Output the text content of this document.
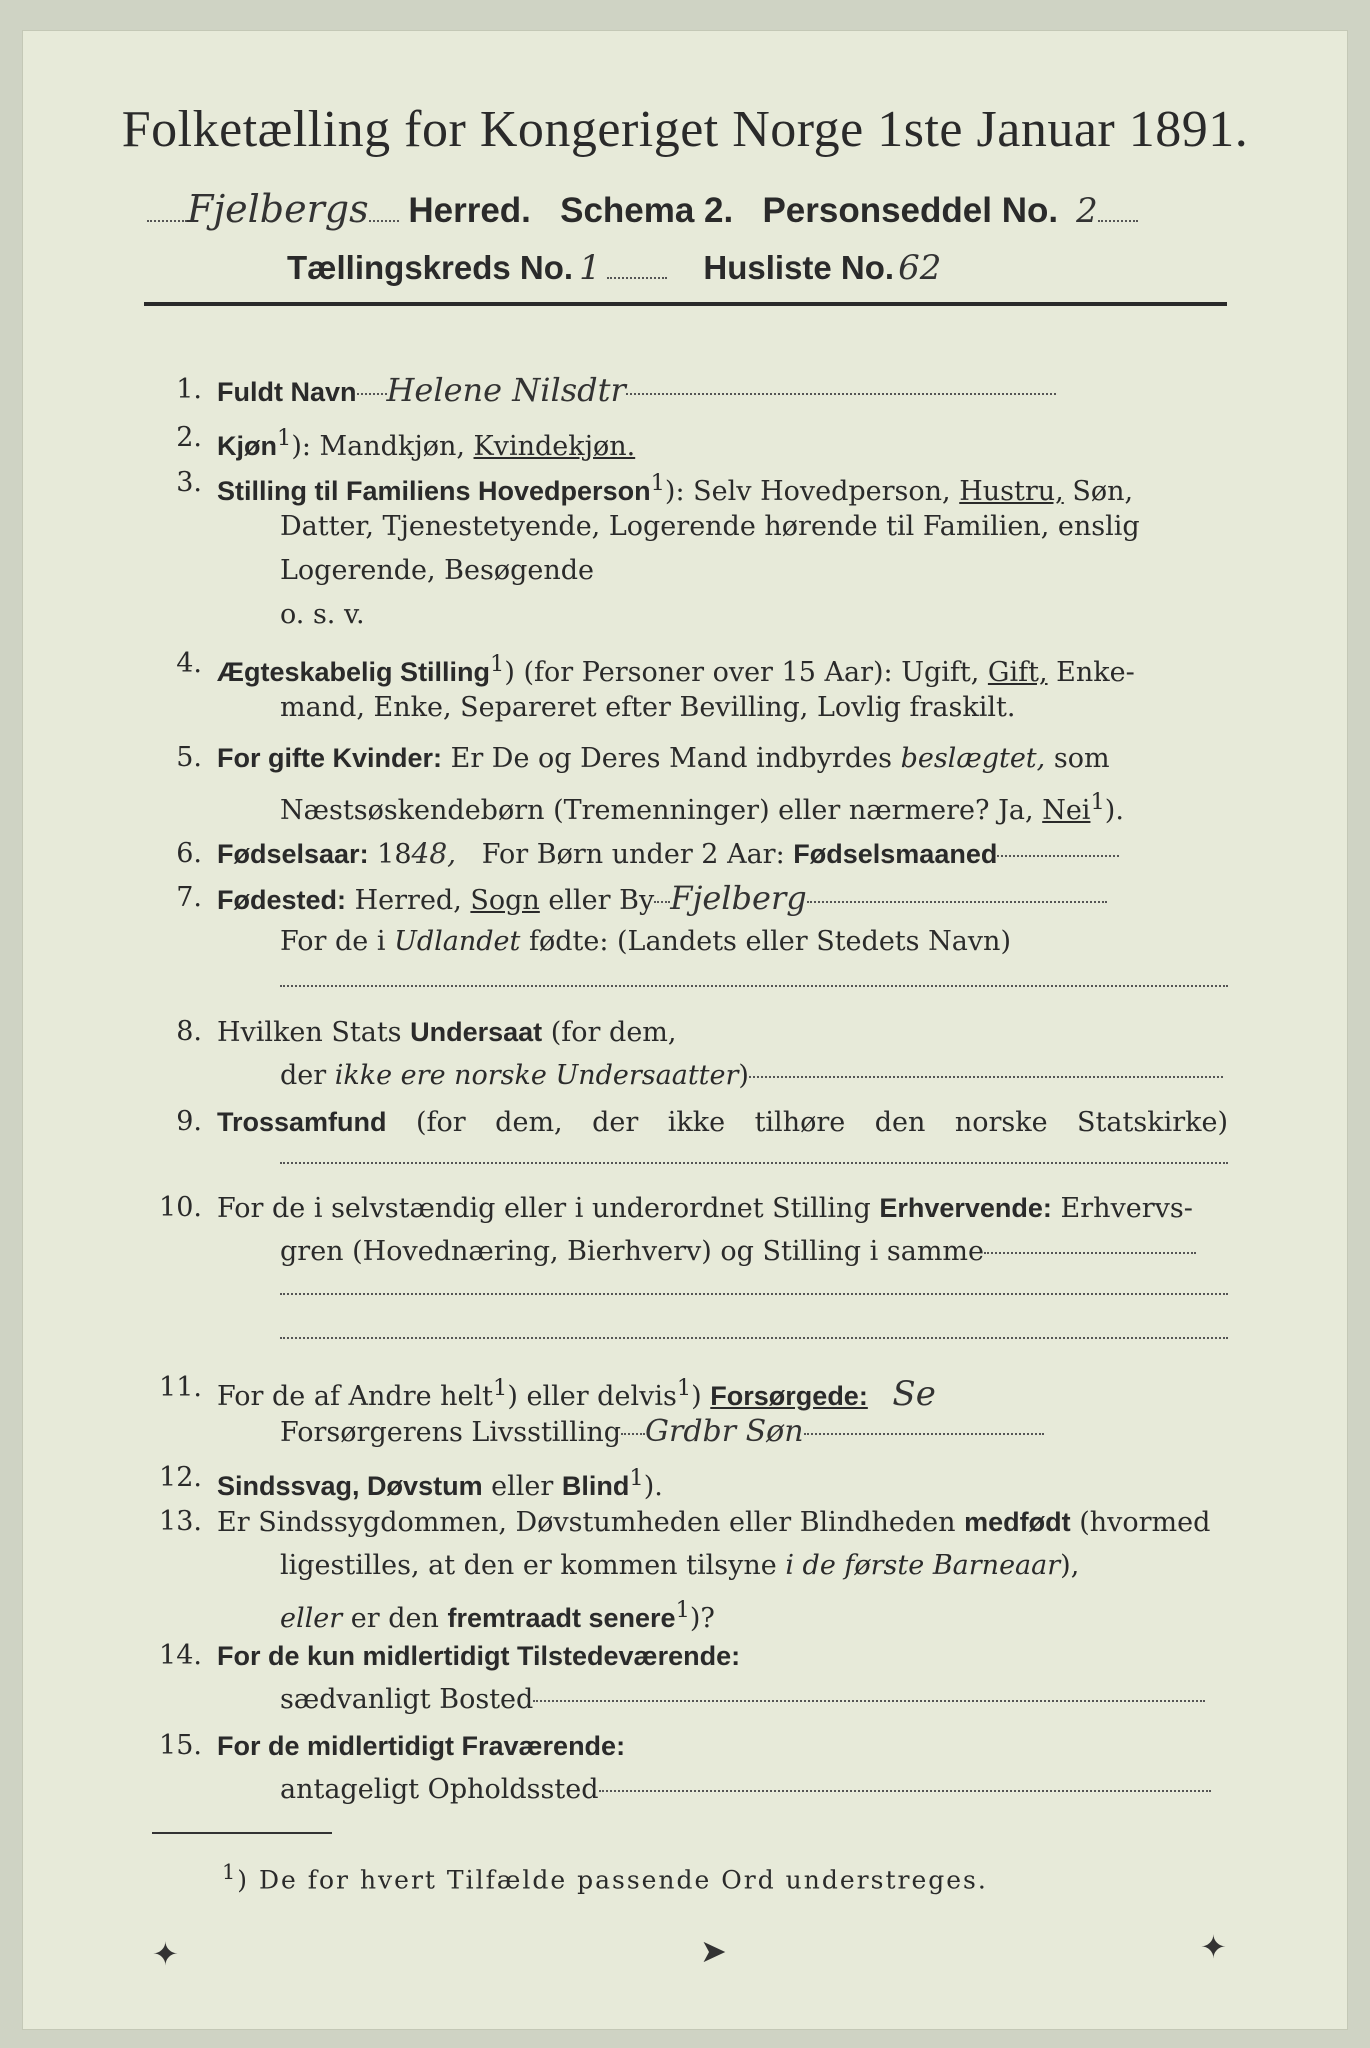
Folketælling for Kongeriget Norge 1ste Januar 1891.
Fjelbergs Herred. Schema 2. Personseddel No. 2
Tællingskreds No. 1	Husliste No. 62
1. Fuldt Navn Helene Nilsdtr
2. Kjøn$^1$): Mandkjøn, Kvindekjøn.
3. Stilling til Familiens Hovedperson$^1$): Selv Hovedperson, Hustru, Søn,
Datter, Tjenestetyende, Logerende hørende til Familien, enslig
Logerende, Besøgende
o. s. v.
4. Ægteskabelig Stilling$^1$) (for Personer over 15 Aar): Ugift, Gift, Enke-
mand, Enke, Separeret efter Bevilling, Lovlig fraskilt.
5. For gifte Kvinder: Er De og Deres Mand indbyrdes beslægtet, som
Næstsøskendebørn (Tremenninger) eller nærmere? Ja, Nei$^1$).
6. Fødselsaar: 1848, For Børn under 2 Aar: Fødselsmaaned
7. Fødested: Herred, Sogn eller By Fjelberg
For de i Udlandet fødte: (Landets eller Stedets Navn)
8. Hvilken Stats Undersaat (for dem,
der ikke ere norske Undersaatter)
9. Trossamfund (for dem, der ikke tilhøre den norske Statskirke)
10. For de i selvstændig eller i underordnet Stilling Erhvervende: Erhvervs-
gren (Hovednæring, Bierhverv) og Stilling i samme
11. For de af Andre helt$^1$) eller delvis$^1$) Forsørgede: Se
Forsørgerens Livsstilling Grdbr Søn
12. Sindssvag, Døvstum eller Blind$^1$).
13. Er Sindssygdommen, Døvstumheden eller Blindheden medfødt (hvormed
ligestilles, at den er kommen tilsyne i de første Barneaar),
eller er den fremtraadt senere$^1$)?
14. For de kun midlertidigt Tilstedeværende:
sædvanligt Bosted
15. For de midlertidigt Fraværende:
antageligt Opholdssted
$^1$) De for hvert Tilfælde passende Ord understreges.
✦	➤	✦
